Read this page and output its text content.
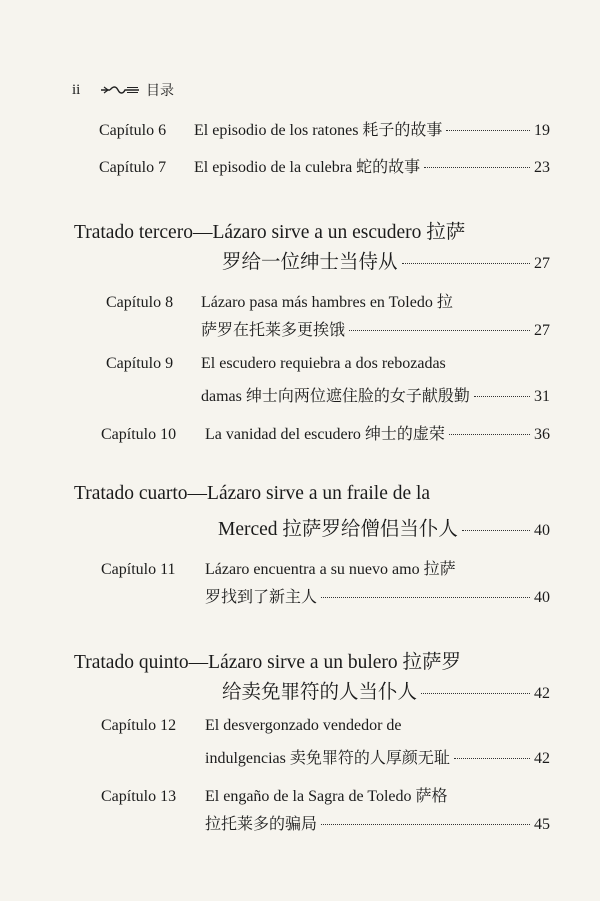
ii	目录
Capítulo 6	El episodio de los ratones 耗子的故事	19
Capítulo 7	El episodio de la culebra 蛇的故事	23
Tratado tercero—Lázaro sirve a un escudero 拉萨
罗给一位绅士当侍从	27
Capítulo 8	Lázaro pasa más hambres en Toledo 拉
萨罗在托莱多更挨饿	27
Capítulo 9	El escudero requiebra a dos rebozadas
damas 绅士向两位遮住脸的女子献殷勤	31
Capítulo 10	La vanidad del escudero 绅士的虚荣	36
Tratado cuarto—Lázaro sirve a un fraile de la
Merced 拉萨罗给僧侣当仆人	40
Capítulo 11	Lázaro encuentra a su nuevo amo 拉萨
罗找到了新主人	40
Tratado quinto—Lázaro sirve a un bulero 拉萨罗
给卖免罪符的人当仆人	42
Capítulo 12	El desvergonzado vendedor de
indulgencias 卖免罪符的人厚颜无耻	42
Capítulo 13	El engaño de la Sagra de Toledo 萨格
拉托莱多的骗局	45
